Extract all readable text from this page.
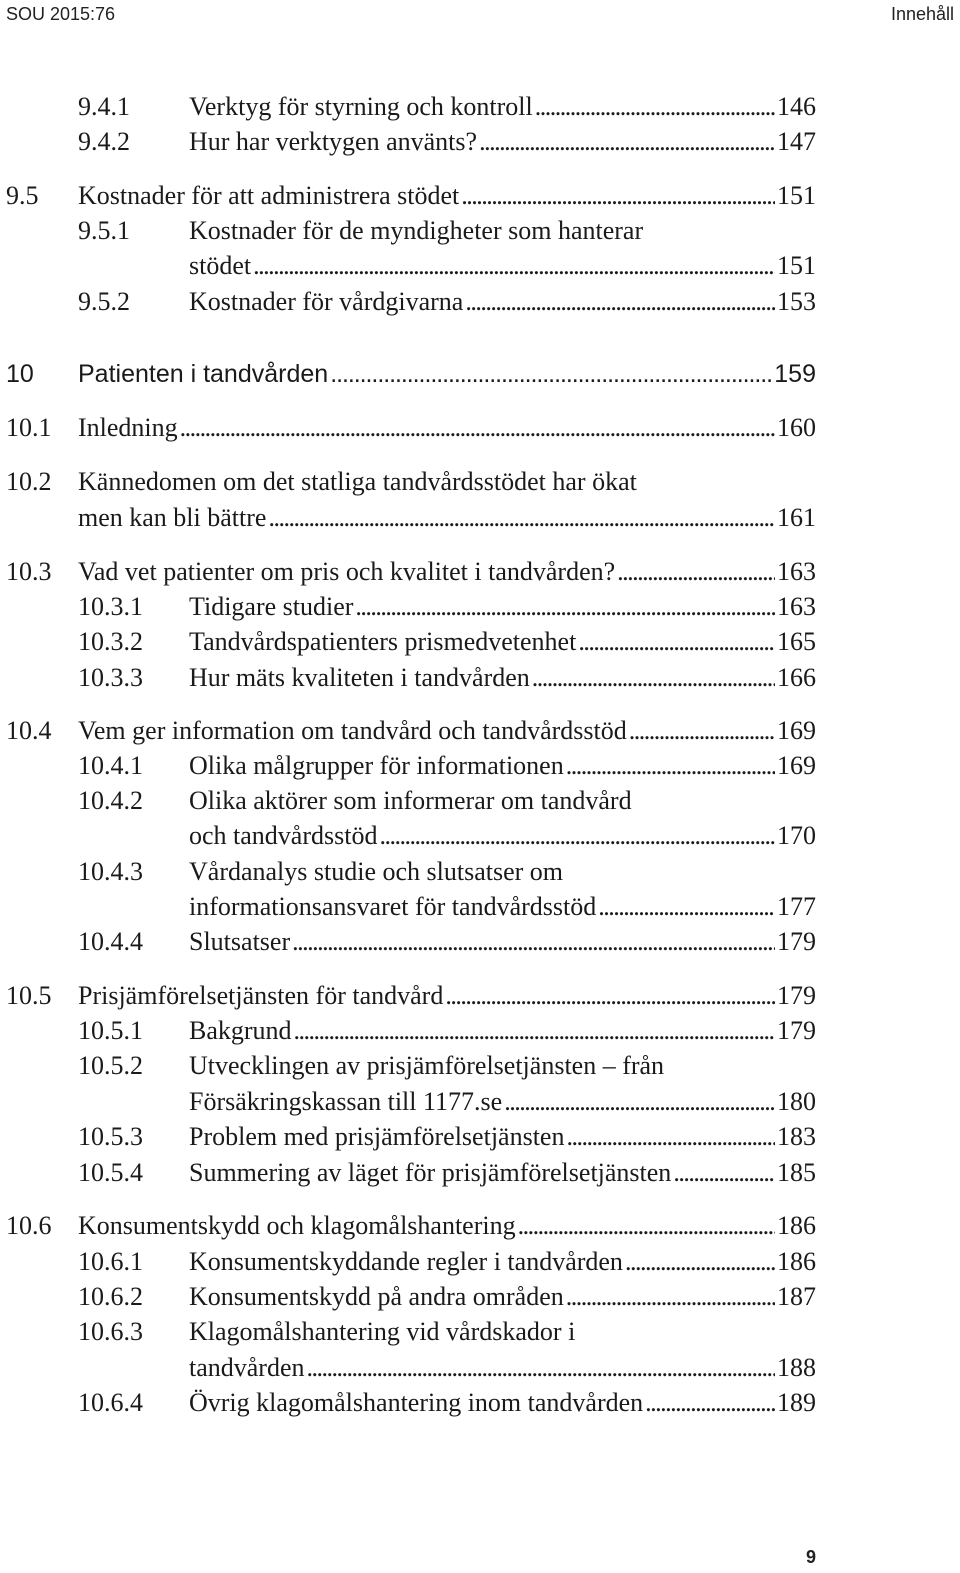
SOU 2015:76	Innehåll
9.4.1 Verktyg för styrning och kontroll . . .	146
9.4.2 Hur har verktygen använts? . . .	147
9.5 Kostnader för att administrera stödet . . .	151
9.5.1 Kostnader för de myndigheter som hanterar
stödet . . .	151
9.5.2 Kostnader för vårdgivarna . . .	153
10 Patienten i tandvården . . .	159
10.1 Inledning . . .	160
10.2 Kännedomen om det statliga tandvårdsstödet har ökat
men kan bli bättre . . .	161
10.3 Vad vet patienter om pris och kvalitet i tandvården? . . .	163
10.3.1 Tidigare studier . . .	163
10.3.2 Tandvårdspatienters prismedvetenhet . . .	165
10.3.3 Hur mäts kvaliteten i tandvården . . .	166
10.4 Vem ger information om tandvård och tandvårdsstöd . . .	169
10.4.1 Olika målgrupper för informationen . . .	169
10.4.2 Olika aktörer som informerar om tandvård
och tandvårdsstöd . . .	170
10.4.3 Vårdanalys studie och slutsatser om
informationsansvaret för tandvårdsstöd . . .	177
10.4.4 Slutsatser . . .	179
10.5 Prisjämförelsetjänsten för tandvård . . .	179
10.5.1 Bakgrund . . .	179
10.5.2 Utvecklingen av prisjämförelsetjänsten – från
Försäkringskassan till 1177.se . . .	180
10.5.3 Problem med prisjämförelsetjänsten . . .	183
10.5.4 Summering av läget för prisjämförelsetjänsten . . .	185
10.6 Konsumentskydd och klagomålshantering . . .	186
10.6.1 Konsumentskyddande regler i tandvården . . .	186
10.6.2 Konsumentskydd på andra områden . . .	187
10.6.3 Klagomålshantering vid vårdskador i
tandvården . . .	188
10.6.4 Övrig klagomålshantering inom tandvården . . .	189
9
